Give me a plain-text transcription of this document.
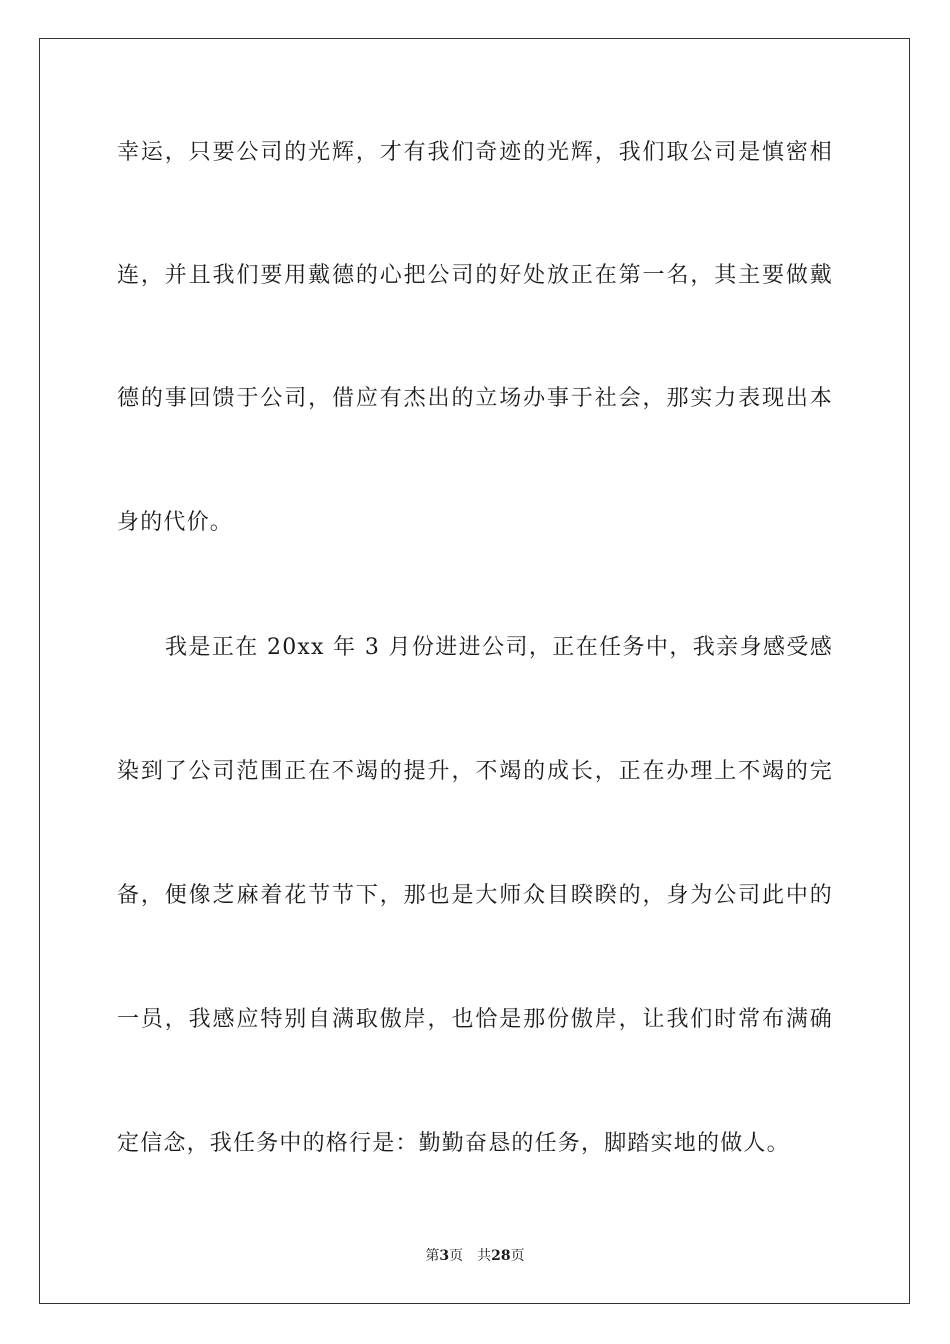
幸运，只要公司的光辉，才有我们奇迹的光辉，我们取公司是慎密相
连，并且我们要用戴德的心把公司的好处放正在第一名，其主要做戴
德的事回馈于公司，借应有杰出的立场办事于社会，那实力表现出本
身的代价。
我是正在 20xx 年 3 月份进进公司，正在任务中，我亲身感受感
染到了公司范围正在不竭的提升，不竭的成长，正在办理上不竭的完
备，便像芝麻着花节节下，那也是大师众目睽睽的，身为公司此中的
一员，我感应特别自满取傲岸，也恰是那份傲岸，让我们时常布满确
定信念，我任务中的格行是：勤勤奋恳的任务，脚踏实地的做人。
第3页 共28页
